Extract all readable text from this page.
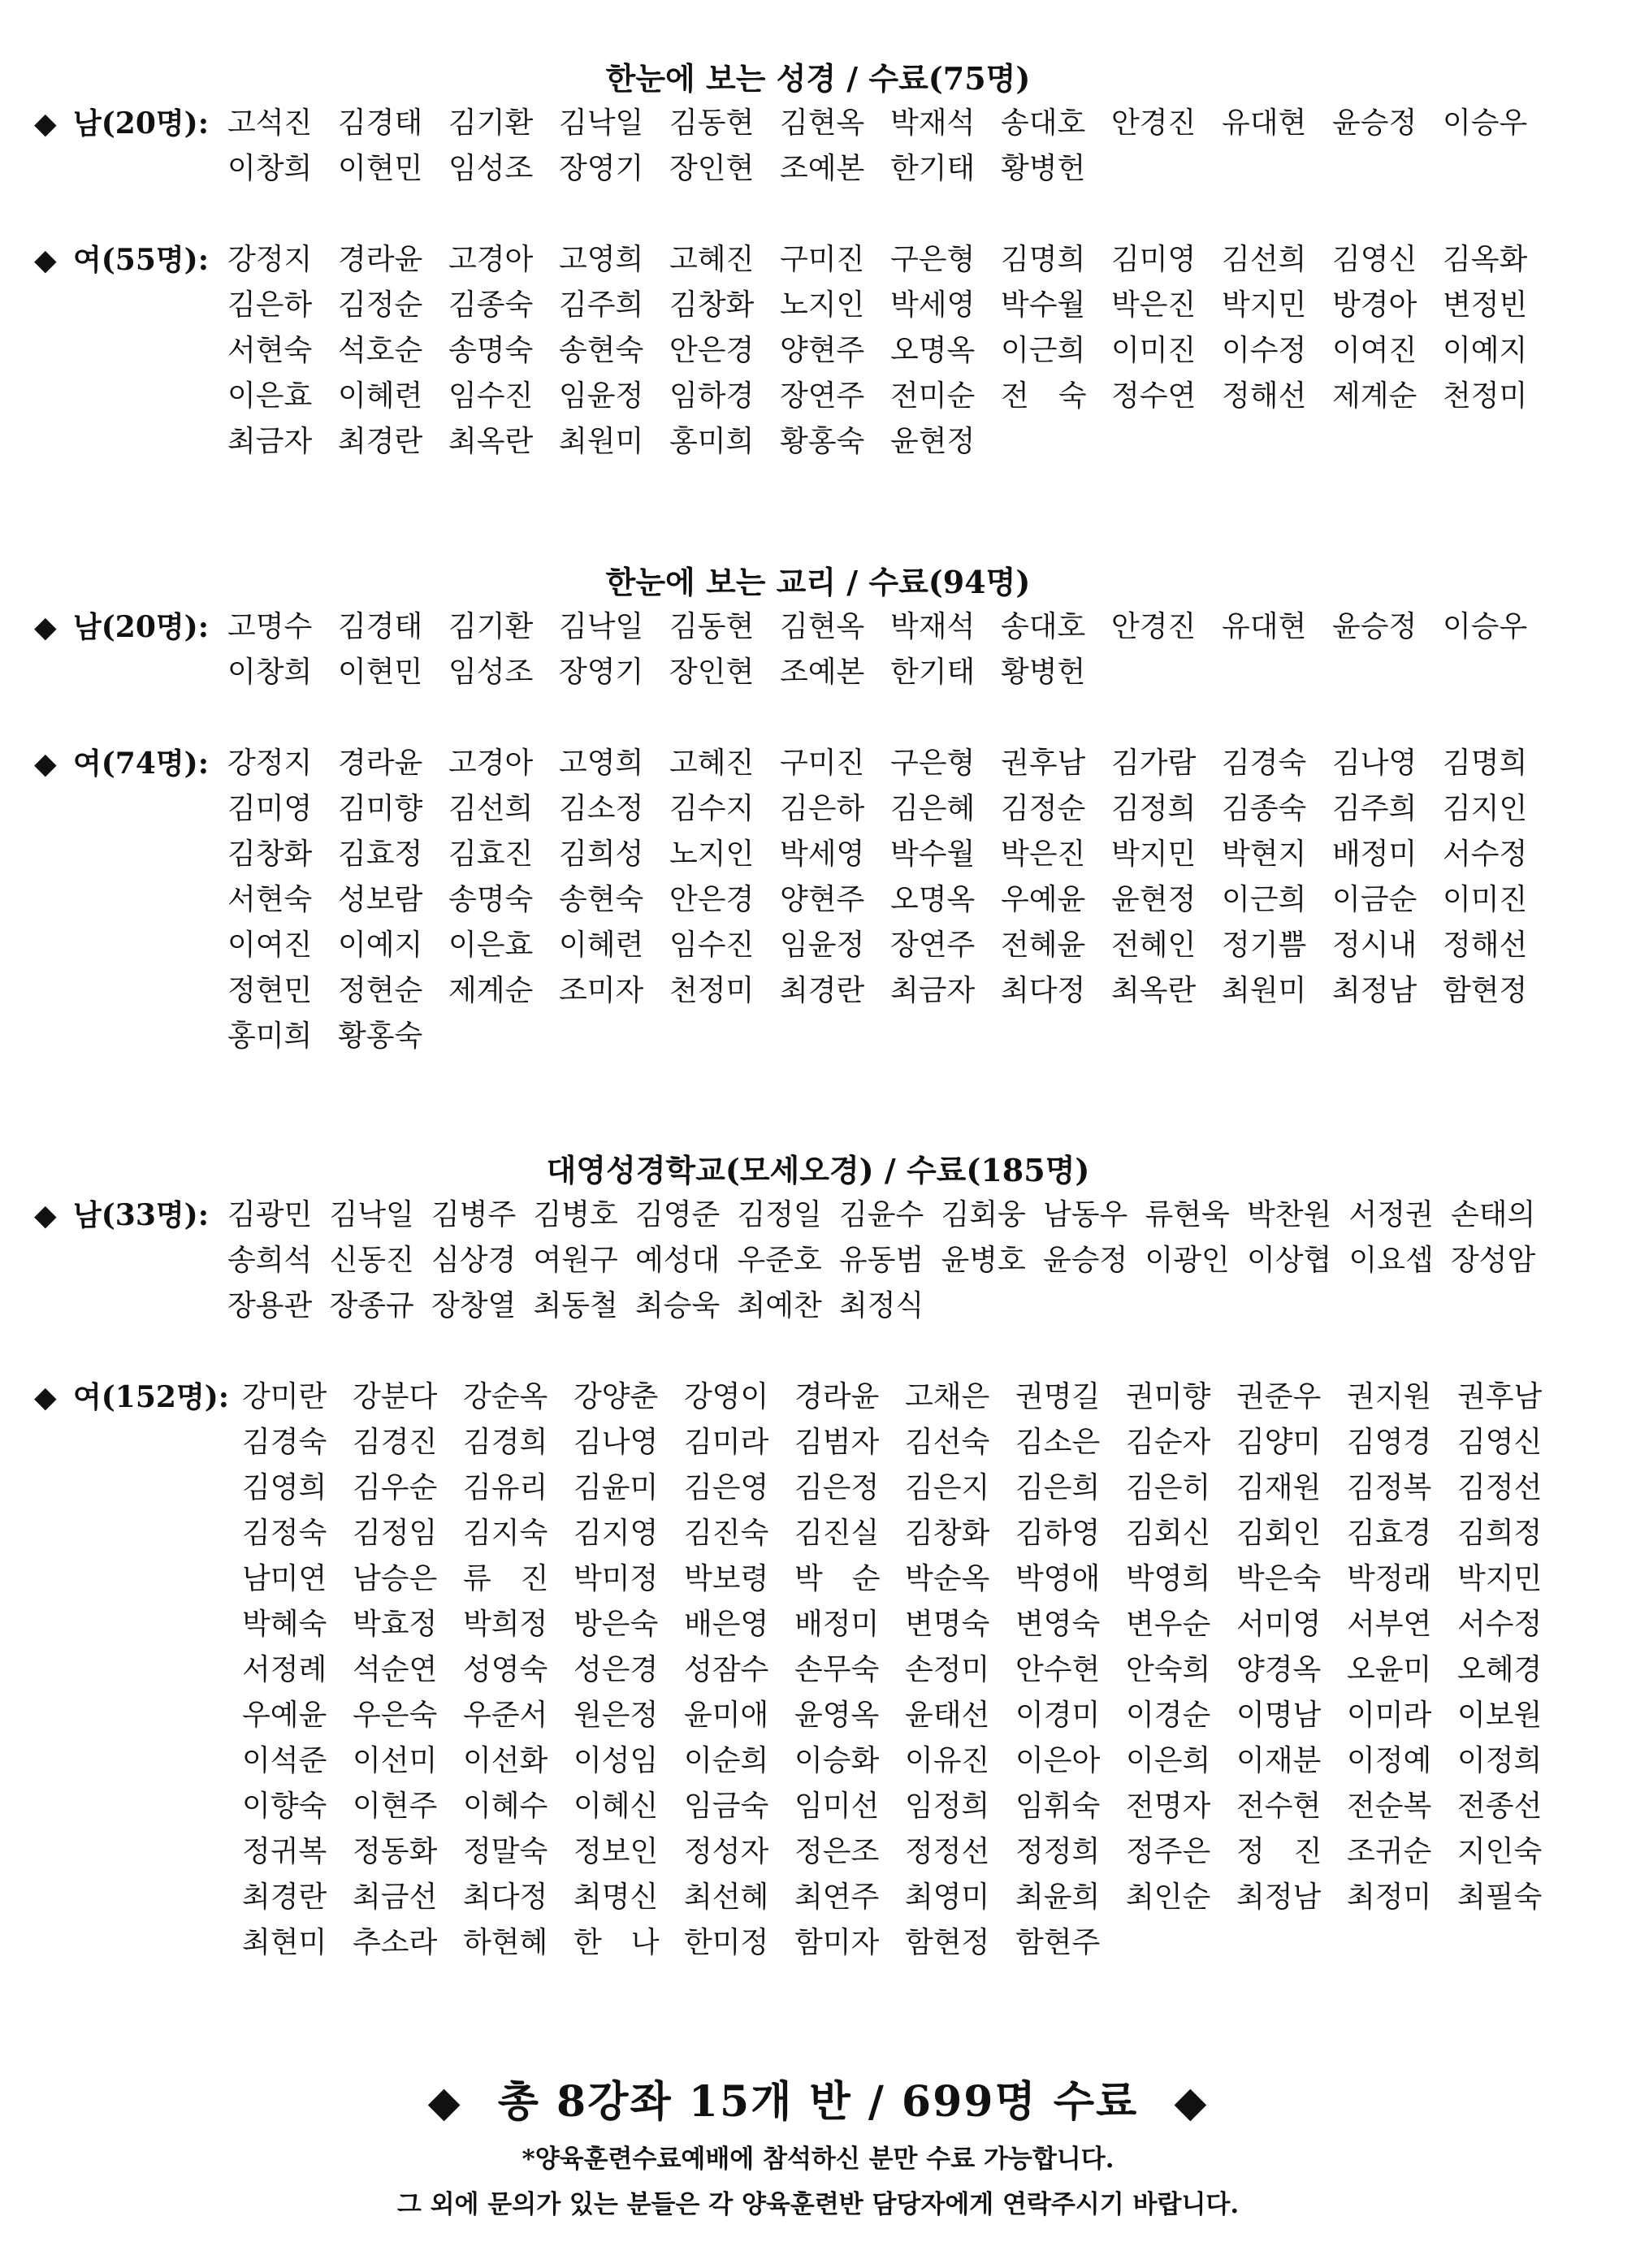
한눈에 보는 성경 / 수료(75명)
◆ 남(20명): 고석진 김경태 김기환 김낙일 김동현 김현옥 박재석 송대호 안경진 유대현 윤승정 이승우
이창희 이현민 임성조 장영기 장인현 조예본 한기태 황병헌
◆ 여(55명): 강정지 경라윤 고경아 고영희 고혜진 구미진 구은형 김명희 김미영 김선희 김영신 김옥화
김은하 김정순 김종숙 김주희 김창화 노지인 박세영 박수월 박은진 박지민 방경아 변정빈
서현숙 석호순 송명숙 송현숙 안은경 양현주 오명옥 이근희 이미진 이수정 이여진 이예지
이은효 이혜련 임수진 임윤정 임하경 장연주 전미순 전　숙 정수연 정해선 제계순 천정미
최금자 최경란 최옥란 최원미 홍미희 황홍숙 윤현정
한눈에 보는 교리 / 수료(94명)
◆ 남(20명): 고명수 김경태 김기환 김낙일 김동현 김현옥 박재석 송대호 안경진 유대현 윤승정 이승우
이창희 이현민 임성조 장영기 장인현 조예본 한기태 황병헌
◆ 여(74명): 강정지 경라윤 고경아 고영희 고혜진 구미진 구은형 권후남 김가람 김경숙 김나영 김명희
김미영 김미향 김선희 김소정 김수지 김은하 김은혜 김정순 김정희 김종숙 김주희 김지인
김창화 김효정 김효진 김희성 노지인 박세영 박수월 박은진 박지민 박현지 배정미 서수정
서현숙 성보람 송명숙 송현숙 안은경 양현주 오명옥 우예윤 윤현정 이근희 이금순 이미진
이여진 이예지 이은효 이혜련 임수진 임윤정 장연주 전혜윤 전혜인 정기쁨 정시내 정해선
정현민 정현순 제계순 조미자 천정미 최경란 최금자 최다정 최옥란 최원미 최정남 함현정
홍미희 황홍숙
대영성경학교(모세오경) / 수료(185명)
◆ 남(33명): 김광민 김낙일 김병주 김병호 김영준 김정일 김윤수 김회웅 남동우 류현욱 박찬원 서정권 손태의
송희석 신동진 심상경 여원구 예성대 우준호 유동범 윤병호 윤승정 이광인 이상협 이요셉 장성암
장용관 장종규 장창열 최동철 최승욱 최예찬 최정식
◆ 여(152명): 강미란 강분다 강순옥 강양춘 강영이 경라윤 고채은 권명길 권미향 권준우 권지원 권후남
김경숙 김경진 김경희 김나영 김미라 김범자 김선숙 김소은 김순자 김양미 김영경 김영신
김영희 김우순 김유리 김윤미 김은영 김은정 김은지 김은희 김은히 김재원 김정복 김정선
김정숙 김정임 김지숙 김지영 김진숙 김진실 김창화 김하영 김회신 김회인 김효경 김희정
남미연 남승은 류　진 박미정 박보령 박　순 박순옥 박영애 박영희 박은숙 박정래 박지민
박혜숙 박효정 박희정 방은숙 배은영 배정미 변명숙 변영숙 변우순 서미영 서부연 서수정
서정례 석순연 성영숙 성은경 성잠수 손무숙 손정미 안수현 안숙희 양경옥 오윤미 오혜경
우예윤 우은숙 우준서 원은정 윤미애 윤영옥 윤태선 이경미 이경순 이명남 이미라 이보원
이석준 이선미 이선화 이성임 이순희 이승화 이유진 이은아 이은희 이재분 이정예 이정희
이향숙 이현주 이혜수 이혜신 임금숙 임미선 임정희 임휘숙 전명자 전수현 전순복 전종선
정귀복 정동화 정말숙 정보인 정성자 정은조 정정선 정정희 정주은 정　진 조귀순 지인숙
최경란 최금선 최다정 최명신 최선혜 최연주 최영미 최윤희 최인순 최정남 최정미 최필숙
최현미 추소라 하현혜 한　나 한미정 함미자 함현정 함현주
◆ 총 8강좌 15개 반 / 699명 수료 ◆
*양육훈련수료예배에 참석하신 분만 수료 가능합니다.
그 외에 문의가 있는 분들은 각 양육훈련반 담당자에게 연락주시기 바랍니다.
